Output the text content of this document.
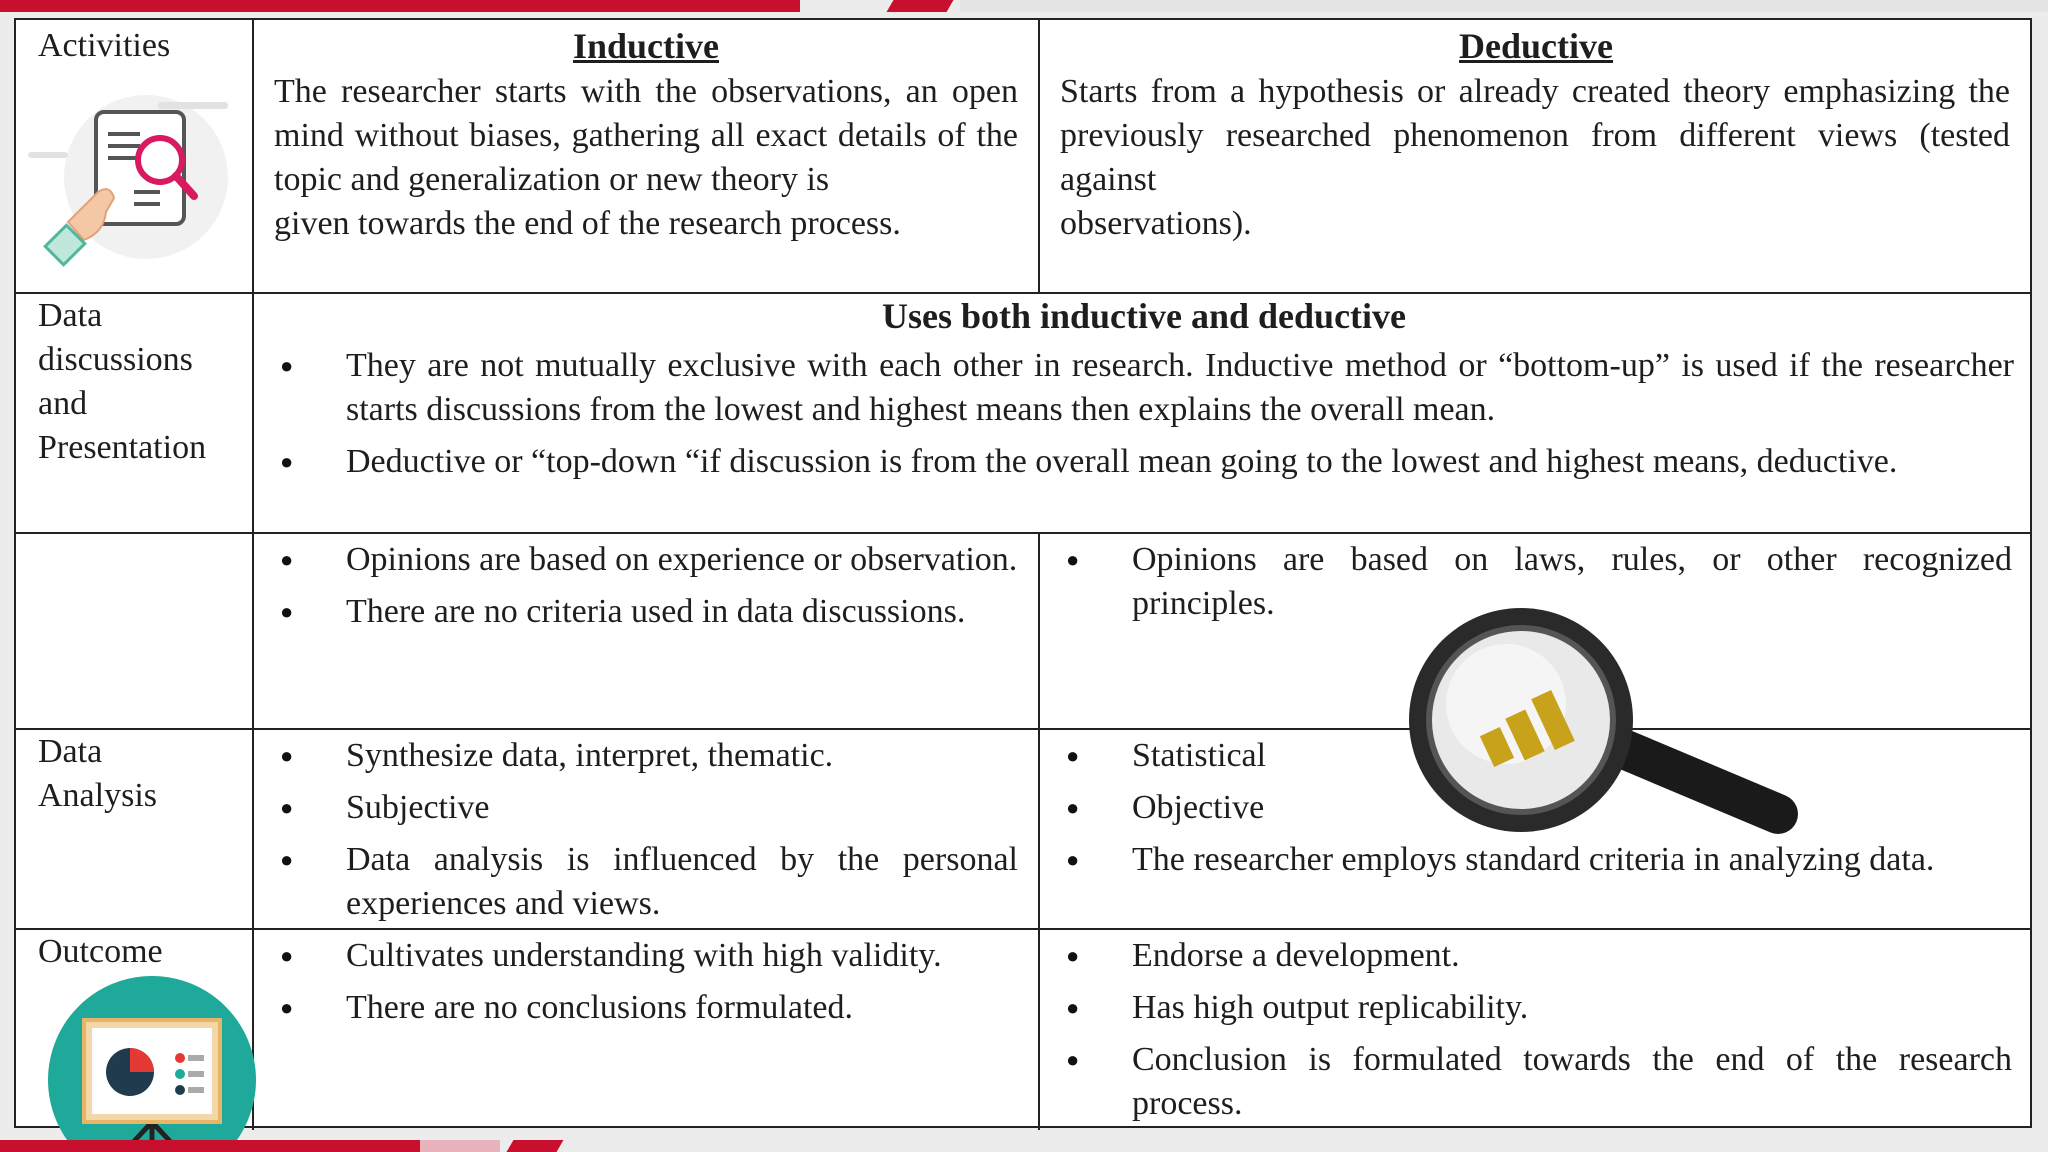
Activities	Inductive	Deductive
The researcher starts with the observations, an open mind without biases, gathering all exact details of the topic and generalization or new theory is
given towards the end of the research process.
Starts from a hypothesis or already created theory emphasizing the previously researched phenomenon from different views (tested against
observations).
Data
discussions
and
Presentation
Uses both inductive and deductive
● They are not mutually exclusive with each other in research. Inductive method or “bottom-up” is used if the researcher starts discussions from the lowest and highest means then explains the overall mean.
● Deductive or “top-down “if discussion is from the overall mean going to the lowest and highest means, deductive.
● Opinions are based on experience or observation.
● There are no criteria used in data discussions.
● Opinions are based on laws, rules, or other recognized principles.
Data
Analysis
● Synthesize data, interpret, thematic.
● Subjective
● Data analysis is influenced by the personal experiences and views.
● Statistical
● Objective
● The researcher employs standard criteria in analyzing data.
Outcome
●	Cultivates understanding with high validity.
● There are no conclusions formulated.
● Endorse a development.
● Has high output replicability.
● Conclusion is formulated towards the end of the research process.
